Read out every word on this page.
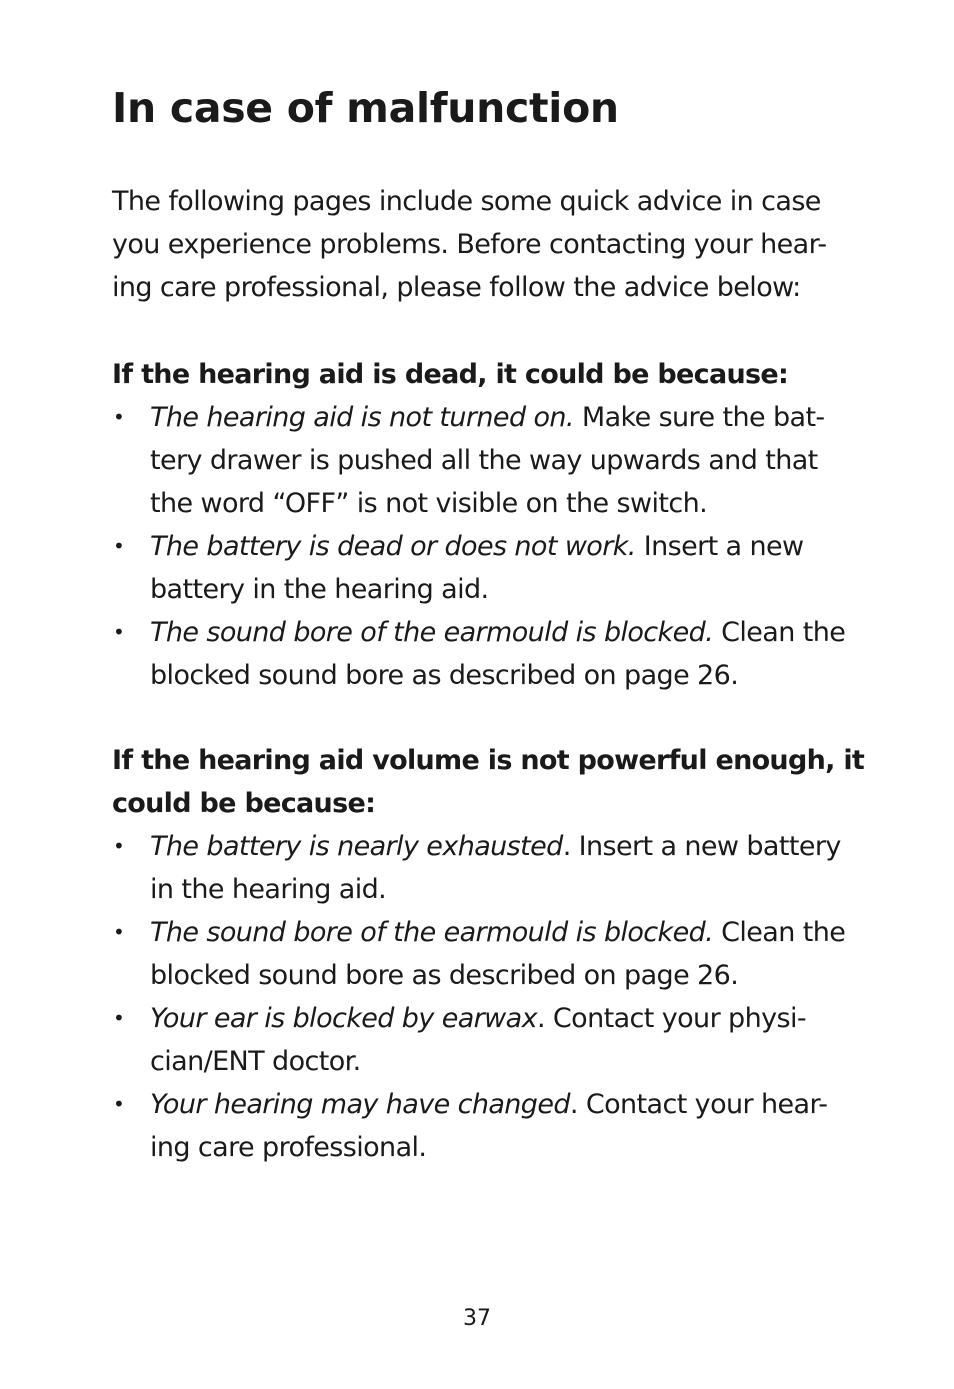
In case of malfunction

The following pages include some quick advice in case
you experience problems. Before contacting your hear-
ing care professional, please follow the advice below:

If the hearing aid is dead, it could be because:
• The hearing aid is not turned on. Make sure the bat-
tery drawer is pushed all the way upwards and that
the word “OFF” is not visible on the switch.
• The battery is dead or does not work. Insert a new
battery in the hearing aid.
• The sound bore of the earmould is blocked. Clean the
blocked sound bore as described on page 26.
If the hearing aid volume is not powerful enough, it
could be because:
• The battery is nearly exhausted. Insert a new battery
in the hearing aid.
• The sound bore of the earmould is blocked. Clean the
blocked sound bore as described on page 26.
• Your ear is blocked by earwax. Contact your physi-
cian/ENT doctor.
• Your hearing may have changed. Contact your hear-
ing care professional.
37
